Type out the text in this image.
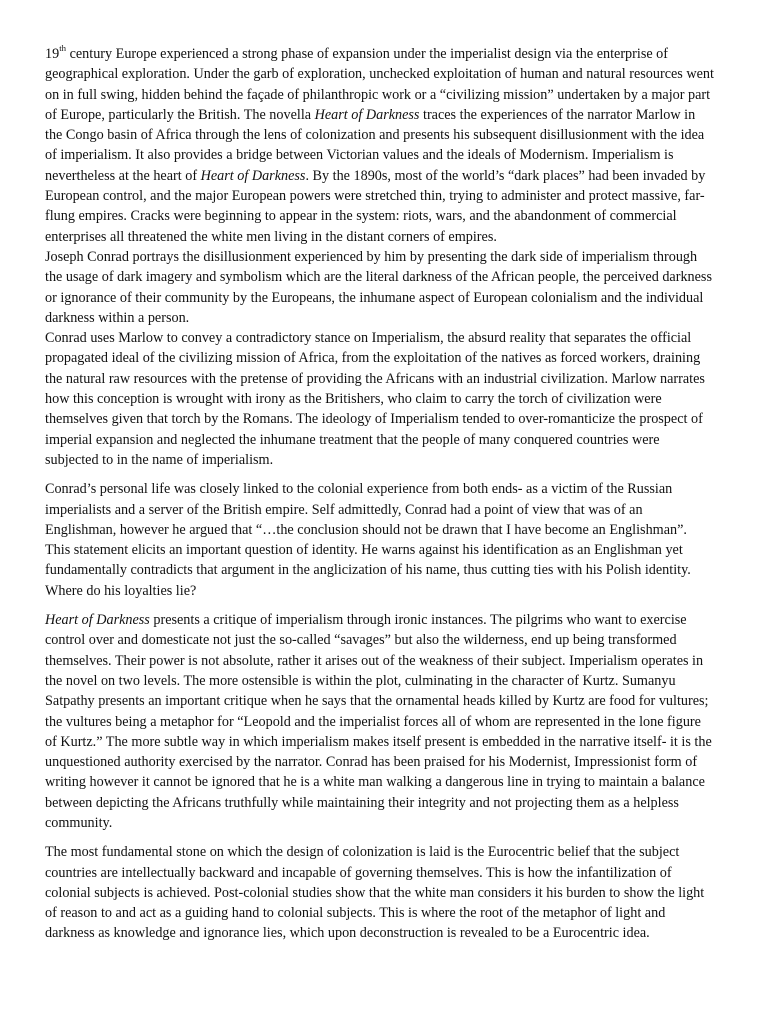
19th century Europe experienced a strong phase of expansion under the imperialist design via the enterprise of geographical exploration. Under the garb of exploration, unchecked exploitation of human and natural resources went on in full swing, hidden behind the façade of philanthropic work or a “civilizing mission” undertaken by a major part of Europe, particularly the British. The novella Heart of Darkness traces the experiences of the narrator Marlow in the Congo basin of Africa through the lens of colonization and presents his subsequent disillusionment with the idea of imperialism. It also provides a bridge between Victorian values and the ideals of Modernism. Imperialism is nevertheless at the heart of Heart of Darkness. By the 1890s, most of the world’s “dark places” had been invaded by European control, and the major European powers were stretched thin, trying to administer and protect massive, far-flung empires. Cracks were beginning to appear in the system: riots, wars, and the abandonment of commercial enterprises all threatened the white men living in the distant corners of empires.

Joseph Conrad portrays the disillusionment experienced by him by presenting the dark side of imperialism through the usage of dark imagery and symbolism which are the literal darkness of the African people, the perceived darkness or ignorance of their community by the Europeans, the inhumane aspect of European colonialism and the individual darkness within a person.

Conrad uses Marlow to convey a contradictory stance on Imperialism, the absurd reality that separates the official propagated ideal of the civilizing mission of Africa, from the exploitation of the natives as forced workers, draining the natural raw resources with the pretense of providing the Africans with an industrial civilization. Marlow narrates how this conception is wrought with irony as the Britishers, who claim to carry the torch of civilization were themselves given that torch by the Romans. The ideology of Imperialism tended to over-romanticize the prospect of imperial expansion and neglected the inhumane treatment that the people of many conquered countries were subjected to in the name of imperialism.

Conrad’s personal life was closely linked to the colonial experience from both ends- as a victim of the Russian imperialists and a server of the British empire. Self admittedly, Conrad had a point of view that was of an Englishman, however he argued that “…the conclusion should not be drawn that I have become an Englishman”. This statement elicits an important question of identity. He warns against his identification as an Englishman yet fundamentally contradicts that argument in the anglicization of his name, thus cutting ties with his Polish identity. Where do his loyalties lie?

Heart of Darkness presents a critique of imperialism through ironic instances. The pilgrims who want to exercise control over and domesticate not just the so-called “savages” but also the wilderness, end up being transformed themselves. Their power is not absolute, rather it arises out of the weakness of their subject. Imperialism operates in the novel on two levels. The more ostensible is within the plot, culminating in the character of Kurtz. Sumanyu Satpathy presents an important critique when he says that the ornamental heads killed by Kurtz are food for vultures; the vultures being a metaphor for “Leopold and the imperialist forces all of whom are represented in the lone figure of Kurtz.” The more subtle way in which imperialism makes itself present is embedded in the narrative itself- it is the unquestioned authority exercised by the narrator. Conrad has been praised for his Modernist, Impressionist form of writing however it cannot be ignored that he is a white man walking a dangerous line in trying to maintain a balance between depicting the Africans truthfully while maintaining their integrity and not projecting them as a helpless community.

The most fundamental stone on which the design of colonization is laid is the Eurocentric belief that the subject countries are intellectually backward and incapable of governing themselves. This is how the infantilization of colonial subjects is achieved. Post-colonial studies show that the white man considers it his burden to show the light of reason to and act as a guiding hand to colonial subjects. This is where the root of the metaphor of light and darkness as knowledge and ignorance lies, which upon deconstruction is revealed to be a Eurocentric idea.
